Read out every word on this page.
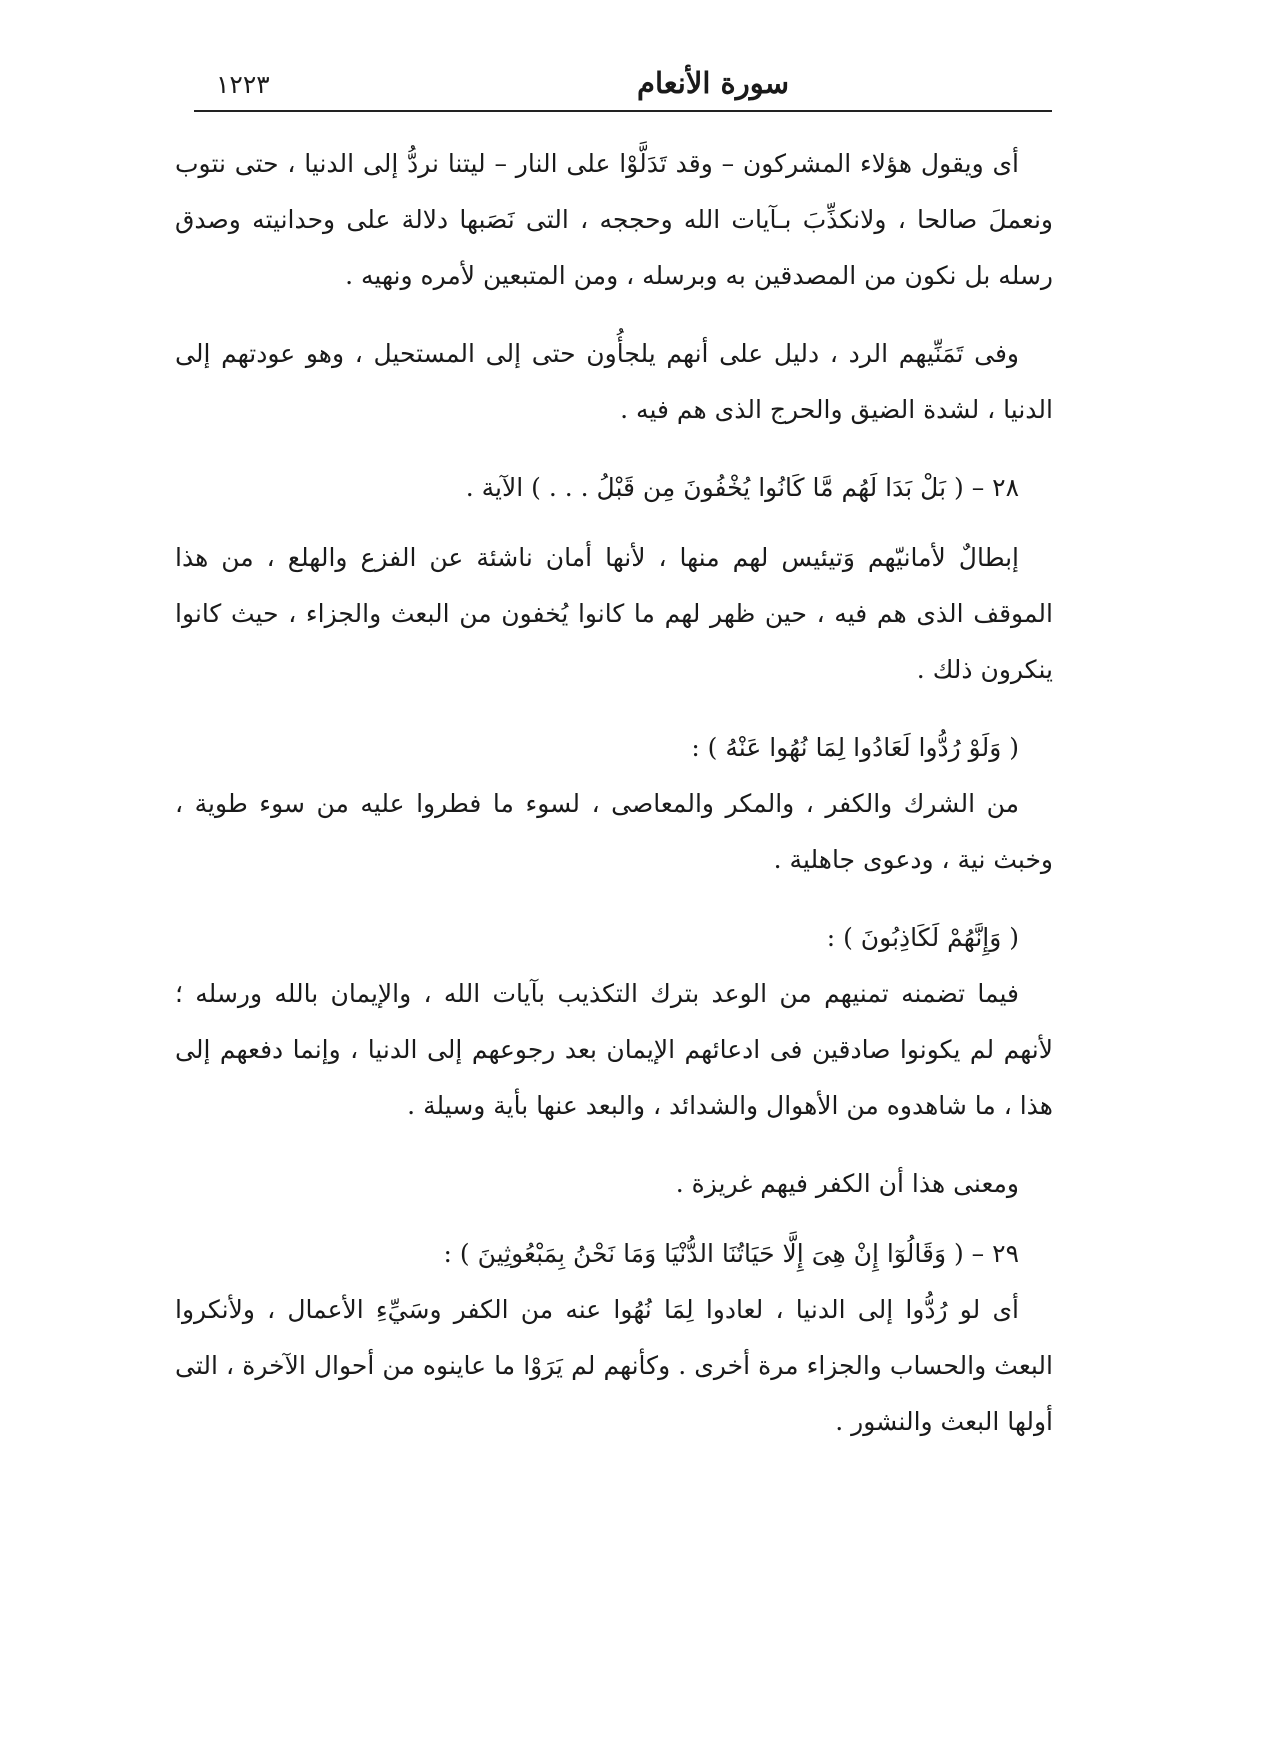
١٢٢٣	سورة الأنعام

أى ويقول هؤلاء المشركون – وقد تَدَلَّوْا على النار – ليتنا نردُّ إلى الدنيا ، حتى نتوب ونعملَ صالحا ، ولانكذِّبَ بـآيات الله وحججه ، التى نَصَبها دلالة على وحدانيته وصدق رسله بل نكون من المصدقين به وبرسله ، ومن المتبعين لأمره ونهيه .

وفى تَمَنِّيهم الرد ، دليل على أنهم يلجأُون حتى إلى المستحيل ، وهو عودتهم إلى الدنيا ، لشدة الضيق والحرج الذى هم فيه .

٢٨ – ( بَلْ بَدَا لَهُم مَّا كَانُوا يُخْفُونَ مِن قَبْلُ . . . ) الآية .

إبطالٌ لأمانيّهم وَتيئيس لهم منها ، لأنها أمان ناشئة عن الفزع والهلع ، من هذا الموقف الذى هم فيه ، حين ظهر لهم ما كانوا يُخفون من البعث والجزاء ، حيث كانوا ينكرون ذلك .

( وَلَوْ رُدُّوا لَعَادُوا لِمَا نُهُوا عَنْهُ ) :

من الشرك والكفر ، والمكر والمعاصى ، لسوء ما فطروا عليه من سوء طوية ، وخبث نية ، ودعوى جاهلية .

( وَإِنَّهُمْ لَكَاذِبُونَ ) :

فيما تضمنه تمنيهم من الوعد بترك التكذيب بآيات الله ، والإيمان بالله ورسله ؛ لأنهم لم يكونوا صادقين فى ادعائهم الإيمان بعد رجوعهم إلى الدنيا ، وإنما دفعهم إلى هذا ، ما شاهدوه من الأهوال والشدائد ، والبعد عنها بأية وسيلة .

ومعنى هذا أن الكفر فيهم غريزة .

٢٩ – ( وَقَالُوٓا إِنْ هِىَ إِلَّا حَيَاتُنَا الدُّنْيَا وَمَا نَحْنُ بِمَبْعُوثِينَ ) :

أى لو رُدُّوا إلى الدنيا ، لعادوا لِمَا نُهُوا عنه من الكفر وسَيِّءِ الأعمال ، ولأنكروا البعث والحساب والجزاء مرة أخرى . وكأنهم لم يَرَوْا ما عاينوه من أحوال الآخرة ، التى أولها البعث والنشور .
